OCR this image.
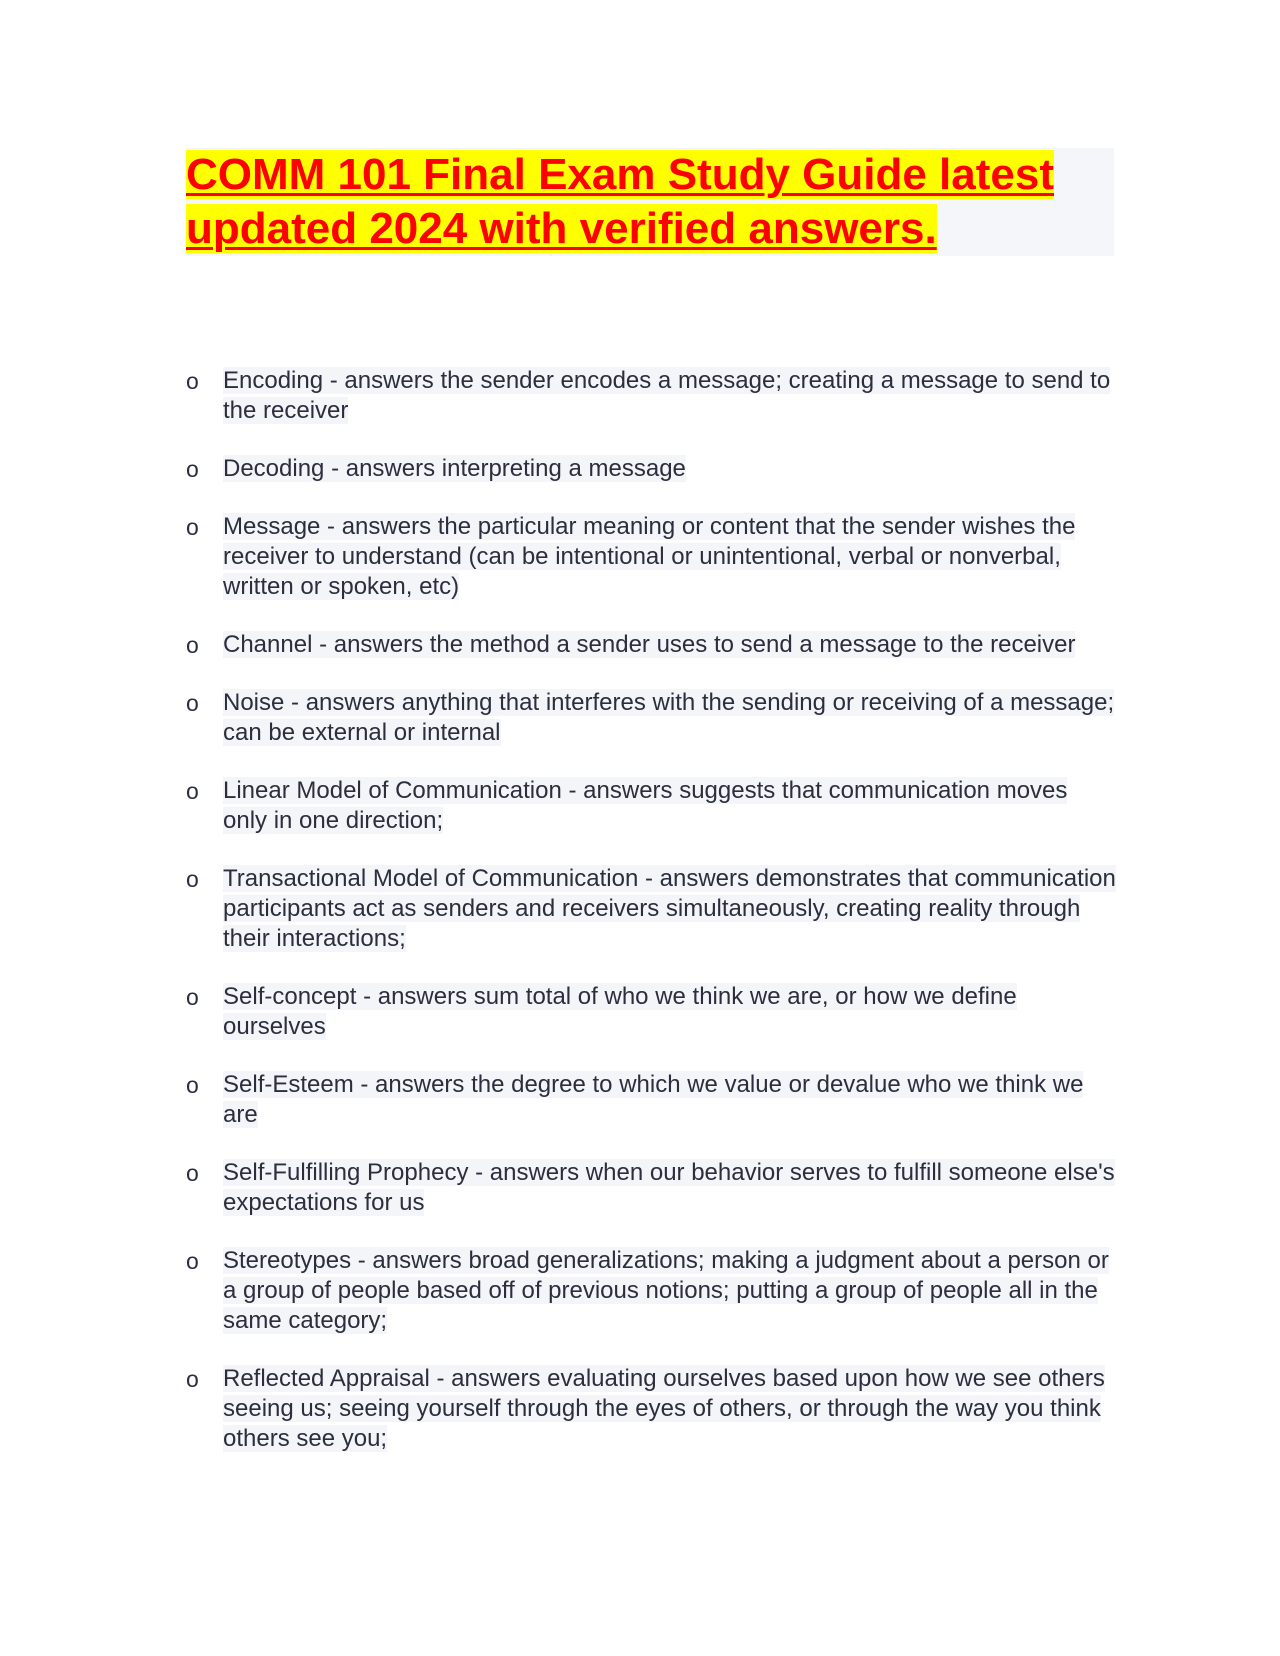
COMM 101 Final Exam Study Guide latest
updated 2024 with verified answers.
o	Encoding - answers the sender encodes a message; creating a message to send to the receiver
o	Decoding - answers interpreting a message
o	Message - answers the particular meaning or content that the sender wishes the receiver to understand (can be intentional or unintentional, verbal or nonverbal, written or spoken, etc)
o	Channel - answers the method a sender uses to send a message to the receiver
o	Noise - answers anything that interferes with the sending or receiving of a message; can be external or internal
o	Linear Model of Communication - answers suggests that communication moves only in one direction;
o	Transactional Model of Communication - answers demonstrates that communication participants act as senders and receivers simultaneously, creating reality through their interactions;
o	Self-concept - answers sum total of who we think we are, or how we define ourselves
o	Self-Esteem - answers the degree to which we value or devalue who we think we are
o	Self-Fulfilling Prophecy - answers when our behavior serves to fulfill someone else's expectations for us
o	Stereotypes - answers broad generalizations; making a judgment about a person or a group of people based off of previous notions; putting a group of people all in the same category;
o	Reflected Appraisal - answers evaluating ourselves based upon how we see others seeing us; seeing yourself through the eyes of others, or through the way you think others see you;
